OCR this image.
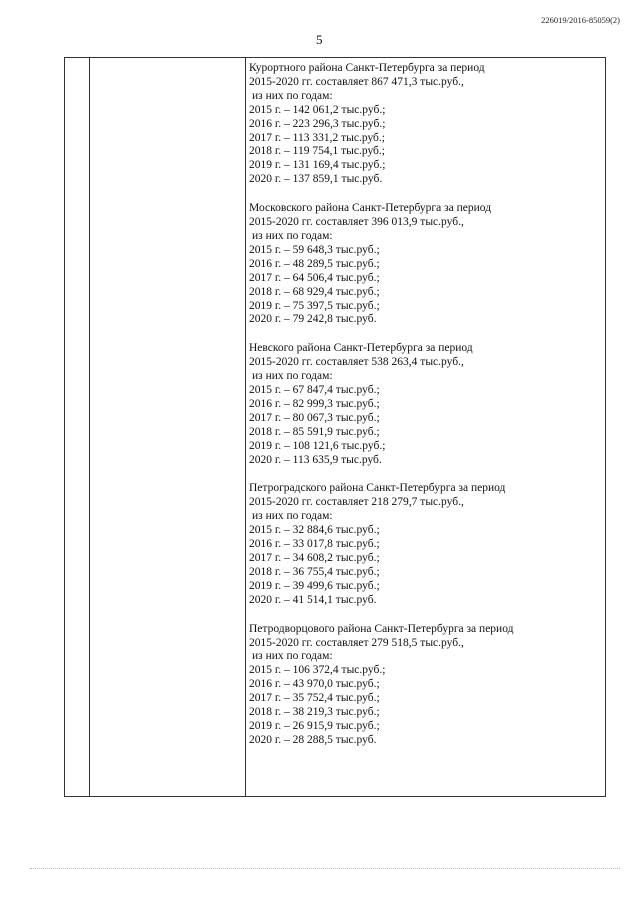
226019/2016-85059(2)
5
Курортного района Санкт-Петербурга за период
2015-2020 гг. составляет 867 471,3 тыс.руб.,
из них по годам:
2015 г. – 142 061,2 тыс.руб.;
2016 г. – 223 296,3 тыс.руб.;
2017 г. – 113 331,2 тыс.руб.;
2018 г. – 119 754,1 тыс.руб.;
2019 г. – 131 169,4 тыс.руб.;
2020 г. – 137 859,1 тыс.руб.
Московского района Санкт-Петербурга за период
2015-2020 гг. составляет 396 013,9 тыс.руб.,
из них по годам:
2015 г. – 59 648,3 тыс.руб.;
2016 г. – 48 289,5 тыс.руб.;
2017 г. – 64 506,4 тыс.руб.;
2018 г. – 68 929,4 тыс.руб.;
2019 г. – 75 397,5 тыс.руб.;
2020 г. – 79 242,8 тыс.руб.
Невского района Санкт-Петербурга за период
2015-2020 гг. составляет 538 263,4 тыс.руб.,
из них по годам:
2015 г. – 67 847,4 тыс.руб.;
2016 г. – 82 999,3 тыс.руб.;
2017 г. – 80 067,3 тыс.руб.;
2018 г. – 85 591,9 тыс.руб.;
2019 г. – 108 121,6 тыс.руб.;
2020 г. – 113 635,9 тыс.руб.
Петроградского района Санкт-Петербурга за период
2015-2020 гг. составляет 218 279,7 тыс.руб.,
из них по годам:
2015 г. – 32 884,6 тыс.руб.;
2016 г. – 33 017,8 тыс.руб.;
2017 г. – 34 608,2 тыс.руб.;
2018 г. – 36 755,4 тыс.руб.;
2019 г. – 39 499,6 тыс.руб.;
2020 г. – 41 514,1 тыс.руб.
Петродворцового района Санкт-Петербурга за период
2015-2020 гг. составляет 279 518,5 тыс.руб.,
из них по годам:
2015 г. – 106 372,4 тыс.руб.;
2016 г. – 43 970,0 тыс.руб.;
2017 г. – 35 752,4 тыс.руб.;
2018 г. – 38 219,3 тыс.руб.;
2019 г. – 26 915,9 тыс.руб.;
2020 г. – 28 288,5 тыс.руб.
